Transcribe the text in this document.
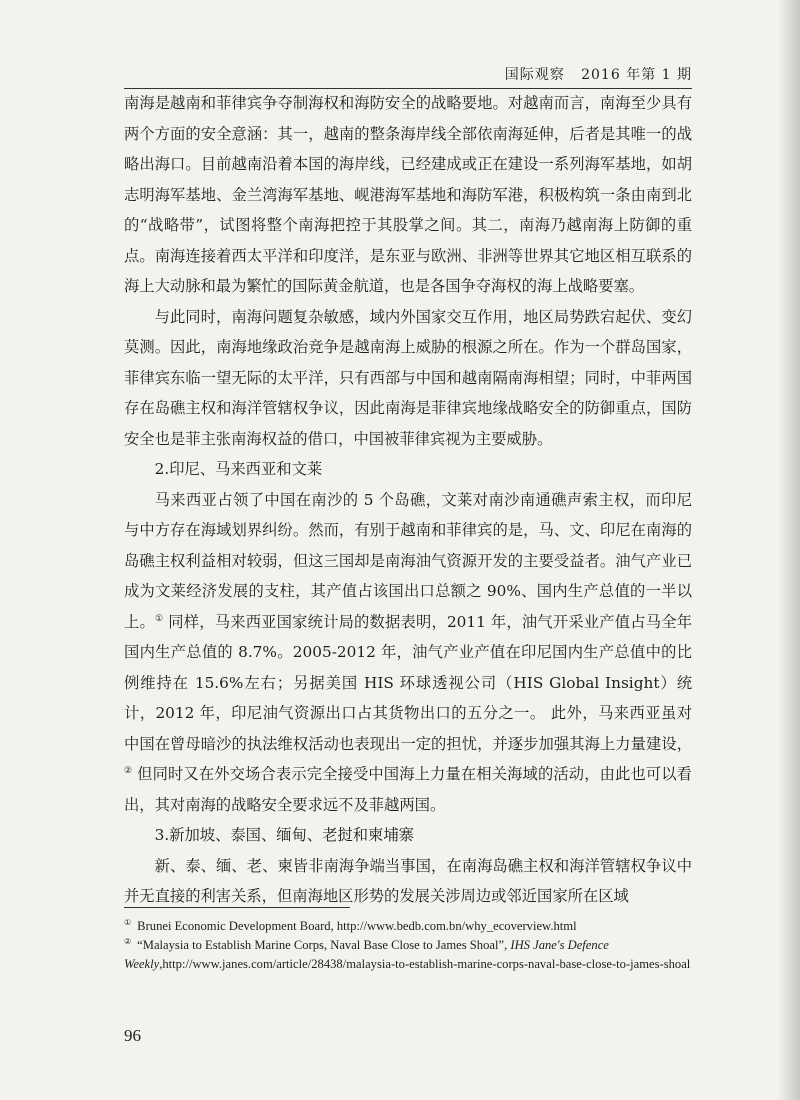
国际观察 2016 年第 1 期

南海是越南和菲律宾争夺制海权和海防安全的战略要地。对越南而言，南海至少具有两个方面的安全意涵：其一，越南的整条海岸线全部依南海延伸，后者是其唯一的战略出海口。目前越南沿着本国的海岸线，已经建成或正在建设一系列海军基地，如胡志明海军基地、金兰湾海军基地、岘港海军基地和海防军港，积极构筑一条由南到北的“战略带”，试图将整个南海把控于其股掌之间。其二，南海乃越南海上防御的重点。南海连接着西太平洋和印度洋，是东亚与欧洲、非洲等世界其它地区相互联系的海上大动脉和最为繁忙的国际黄金航道，也是各国争夺海权的海上战略要塞。

与此同时，南海问题复杂敏感，域内外国家交互作用，地区局势跌宕起伏、变幻莫测。因此，南海地缘政治竞争是越南海上威胁的根源之所在。作为一个群岛国家，菲律宾东临一望无际的太平洋，只有西部与中国和越南隔南海相望；同时，中菲两国存在岛礁主权和海洋管辖权争议，因此南海是菲律宾地缘战略安全的防御重点，国防安全也是菲主张南海权益的借口，中国被菲律宾视为主要威胁。

2.印尼、马来西亚和文莱

马来西亚占领了中国在南沙的 5 个岛礁，文莱对南沙南通礁声索主权，而印尼与中方存在海域划界纠纷。然而，有别于越南和菲律宾的是，马、文、印尼在南海的岛礁主权利益相对较弱，但这三国却是南海油气资源开发的主要受益者。油气产业已成为文莱经济发展的支柱，其产值占该国出口总额之 90%、国内生产总值的一半以上。① 同样，马来西亚国家统计局的数据表明，2011 年，油气开采业产值占马全年国内生产总值的 8.7%。2005-2012 年，油气产业产值在印尼国内生产总值中的比例维持在 15.6%左右；另据美国 HIS 环球透视公司（HIS Global Insight）统计，2012 年，印尼油气资源出口占其货物出口的五分之一。 此外，马来西亚虽对中国在曾母暗沙的执法维权活动也表现出一定的担忧，并逐步加强其海上力量建设，② 但同时又在外交场合表示完全接受中国海上力量在相关海域的活动，由此也可以看出，其对南海的战略安全要求远不及菲越两国。

3.新加坡、泰国、缅甸、老挝和柬埔寨

新、泰、缅、老、柬皆非南海争端当事国，在南海岛礁主权和海洋管辖权争议中并无直接的利害关系，但南海地区形势的发展关涉周边或邻近国家所在区域

① Brunei Economic Development Board, http://www.bedb.com.bn/why_ecoverview.html

② “Malaysia to Establish Marine Corps, Naval Base Close to James Shoal”, IHS Jane's Defence Weekly,http://www.janes.com/article/28438/malaysia-to-establish-marine-corps-naval-base-close-to-james-shoal

96
